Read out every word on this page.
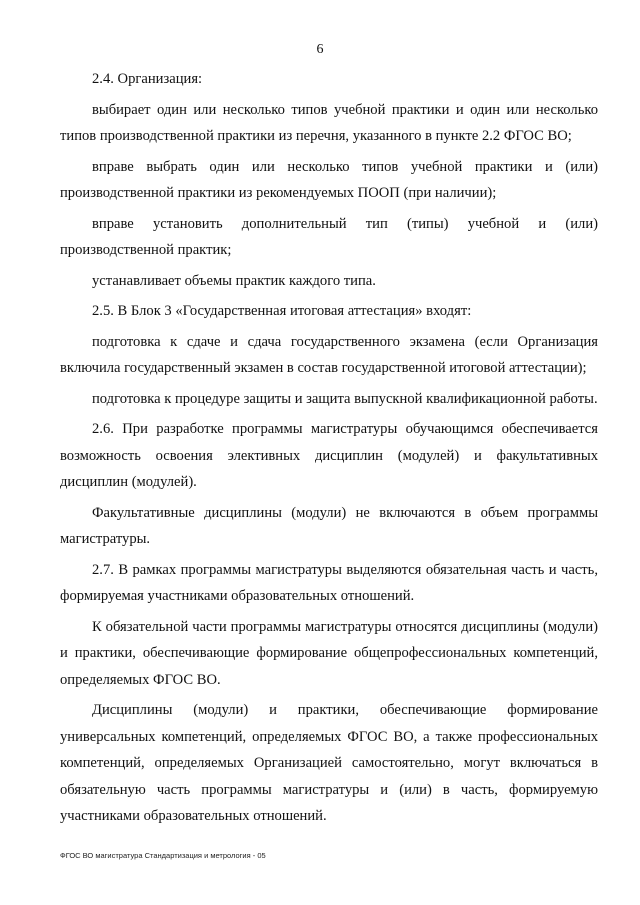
6

2.4. Организация:

выбирает один или несколько типов учебной практики и один или несколько типов производственной практики из перечня, указанного в пункте 2.2 ФГОС ВО;

вправе выбрать один или несколько типов учебной практики и (или) производственной практики из рекомендуемых ПООП (при наличии);

вправе установить дополнительный тип (типы) учебной и (или) производственной практик;

устанавливает объемы практик каждого типа.

2.5. В Блок 3 «Государственная итоговая аттестация» входят:

подготовка к сдаче и сдача государственного экзамена (если Организация включила государственный экзамен в состав государственной итоговой аттестации);

подготовка к процедуре защиты и защита выпускной квалификационной работы.

2.6. При разработке программы магистратуры обучающимся обеспечивается возможность освоения элективных дисциплин (модулей) и факультативных дисциплин (модулей).

Факультативные дисциплины (модули) не включаются в объем программы магистратуры.

2.7. В рамках программы магистратуры выделяются обязательная часть и часть, формируемая участниками образовательных отношений.

К обязательной части программы магистратуры относятся дисциплины (модули) и практики, обеспечивающие формирование общепрофессиональных компетенций, определяемых ФГОС ВО.

Дисциплины (модули) и практики, обеспечивающие формирование универсальных компетенций, определяемых ФГОС ВО, а также профессиональных компетенций, определяемых Организацией самостоятельно, могут включаться в обязательную часть программы магистратуры и (или) в часть, формируемую участниками образовательных отношений.

ФГОС ВО магистратура Стандартизация и метрология - 05
